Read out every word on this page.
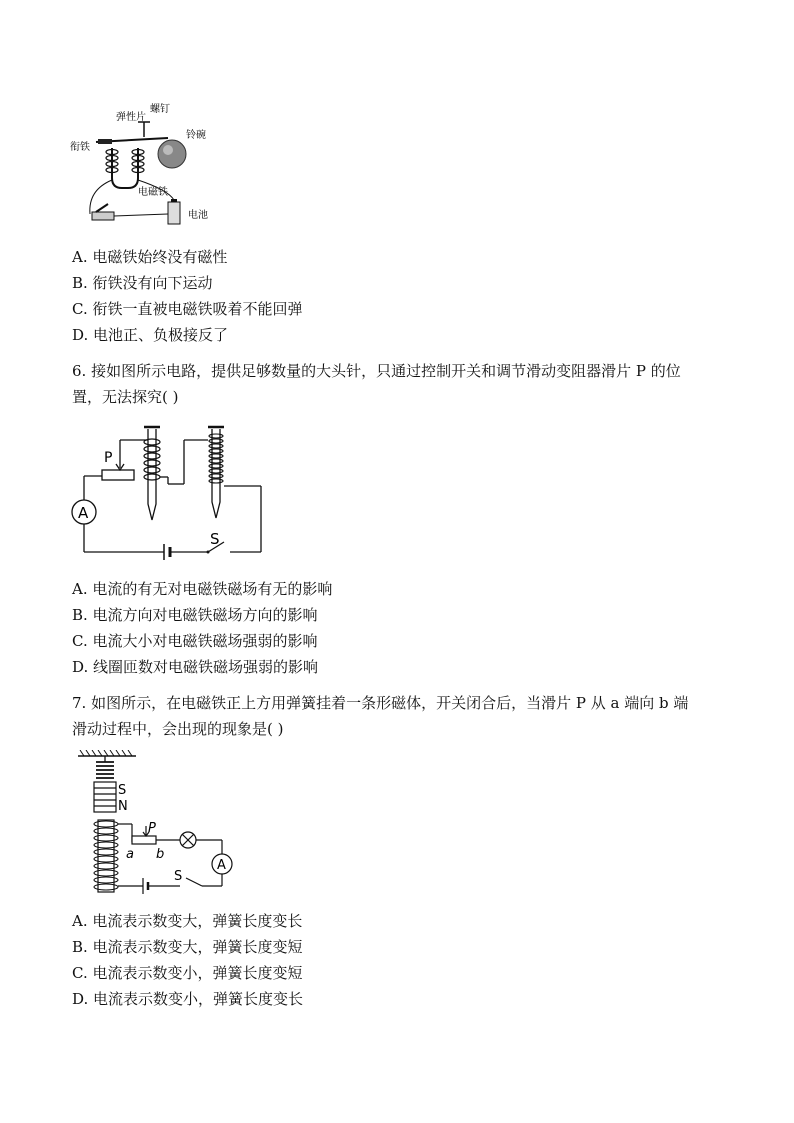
弹性片
螺钉
衔铁
铃碗
电磁铁
电池
A. 电磁铁始终没有磁性
B. 衔铁没有向下运动
C. 衔铁一直被电磁铁吸着不能回弹
D. 电池正、负极接反了
6. 接如图所示电路，提供足够数量的大头针，只通过控制开关和调节滑动变阻器滑片 P 的位
置，无法探究( )
A
P
S
A. 电流的有无对电磁铁磁场有无的影响
B. 电流方向对电磁铁磁场方向的影响
C. 电流大小对电磁铁磁场强弱的影响
D. 线圈匝数对电磁铁磁场强弱的影响
7. 如图所示，在电磁铁正上方用弹簧挂着一条形磁体，开关闭合后，当滑片 P 从 a 端向 b 端
滑动过程中，会出现的现象是( )
S
N
P
a b
A
S
A. 电流表示数变大，弹簧长度变长
B. 电流表示数变大，弹簧长度变短
C. 电流表示数变小，弹簧长度变短
D. 电流表示数变小，弹簧长度变长
